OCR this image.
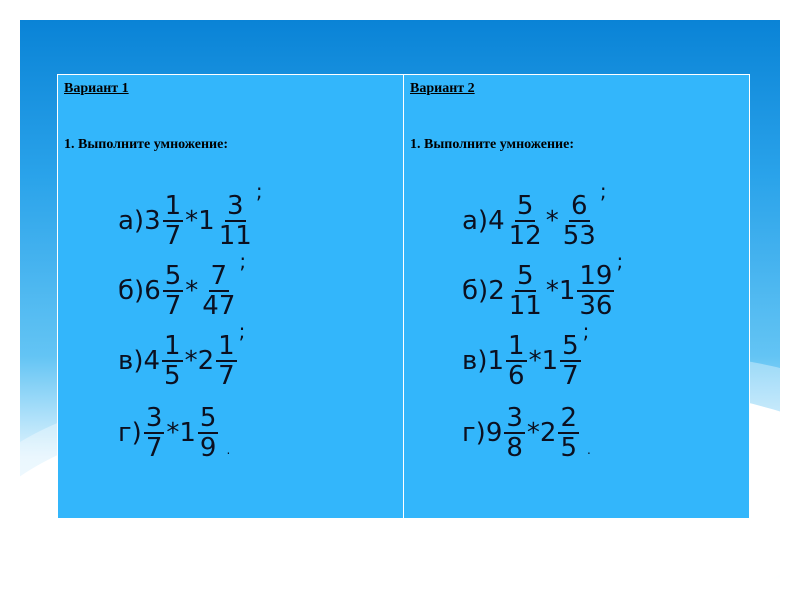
Вариант 1
1. Выполните умножение:
а) $3 \frac{1}{7} * 1 \frac{3}{11}$
;
б) $6 \frac{5}{7} * \frac{7}{47}$
;
в) $4 \frac{1}{5} * 2 \frac{1}{7}$
;
$г) \frac{3}{7} * 1 \frac{5}{9}$ .
Вариант 2
1. Выполните умножение:
а) $4 \frac{5}{12} * \frac{6}{53}$
;
б) $2 \frac{5}{11} * 1 \frac{19}{36}$
;
в) $1 \frac{1}{6} * 1 \frac{5}{7}$
;
г) $9 \frac{3}{8} * 2 \frac{2}{5}$ .
